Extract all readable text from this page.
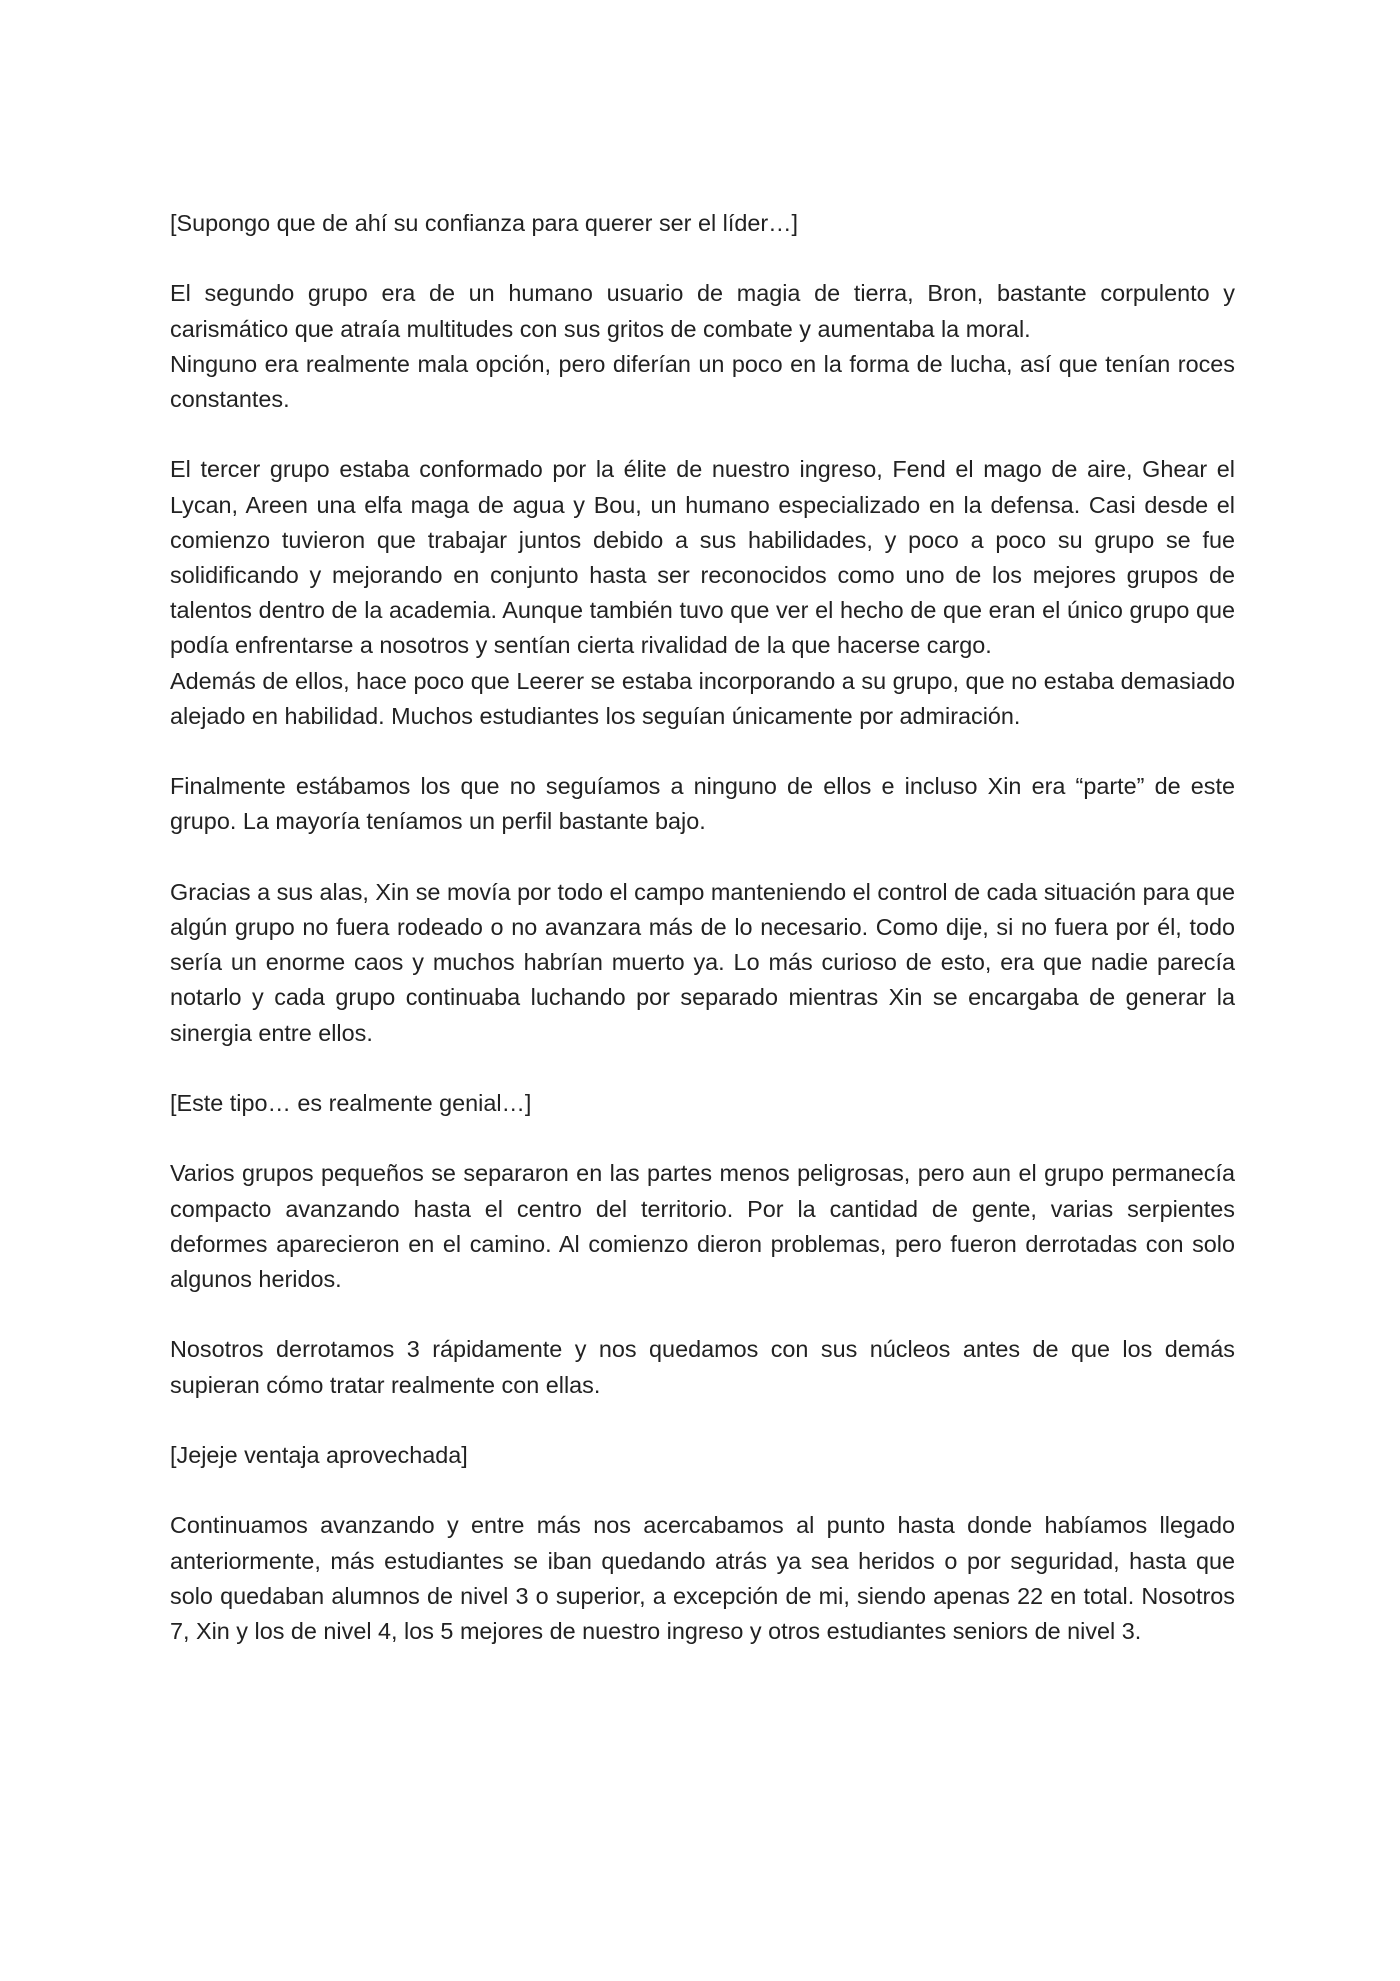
[Supongo que de ahí su confianza para querer ser el líder…]

El segundo grupo era de un humano usuario de magia de tierra, Bron, bastante corpulento y carismático que atraía multitudes con sus gritos de combate y aumentaba la moral.
Ninguno era realmente mala opción, pero diferían un poco en la forma de lucha, así que tenían roces constantes.

El tercer grupo estaba conformado por la élite de nuestro ingreso, Fend el mago de aire, Ghear el Lycan, Areen una elfa maga de agua y Bou, un humano especializado en la defensa. Casi desde el comienzo tuvieron que trabajar juntos debido a sus habilidades, y poco a poco su grupo se fue solidificando y mejorando en conjunto hasta ser reconocidos como uno de los mejores grupos de talentos dentro de la academia. Aunque también tuvo que ver el hecho de que eran el único grupo que podía enfrentarse a nosotros y sentían cierta rivalidad de la que hacerse cargo.
Además de ellos, hace poco que Leerer se estaba incorporando a su grupo, que no estaba demasiado alejado en habilidad. Muchos estudiantes los seguían únicamente por admiración.

Finalmente estábamos los que no seguíamos a ninguno de ellos e incluso Xin era “parte” de este grupo. La mayoría teníamos un perfil bastante bajo.

Gracias a sus alas, Xin se movía por todo el campo manteniendo el control de cada situación para que algún grupo no fuera rodeado o no avanzara más de lo necesario. Como dije, si no fuera por él, todo sería un enorme caos y muchos habrían muerto ya. Lo más curioso de esto, era que nadie parecía notarlo y cada grupo continuaba luchando por separado mientras Xin se encargaba de generar la sinergia entre ellos.

[Este tipo… es realmente genial…]

Varios grupos pequeños se separaron en las partes menos peligrosas, pero aun el grupo permanecía compacto avanzando hasta el centro del territorio. Por la cantidad de gente, varias serpientes deformes aparecieron en el camino. Al comienzo dieron problemas, pero fueron derrotadas con solo algunos heridos.

Nosotros derrotamos 3 rápidamente y nos quedamos con sus núcleos antes de que los demás supieran cómo tratar realmente con ellas.

[Jejeje ventaja aprovechada]

Continuamos avanzando y entre más nos acercabamos al punto hasta donde habíamos llegado anteriormente, más estudiantes se iban quedando atrás ya sea heridos o por seguridad, hasta que solo quedaban alumnos de nivel 3 o superior, a excepción de mi, siendo apenas 22 en total. Nosotros 7, Xin y los de nivel 4, los 5 mejores de nuestro ingreso y otros estudiantes seniors de nivel 3.
